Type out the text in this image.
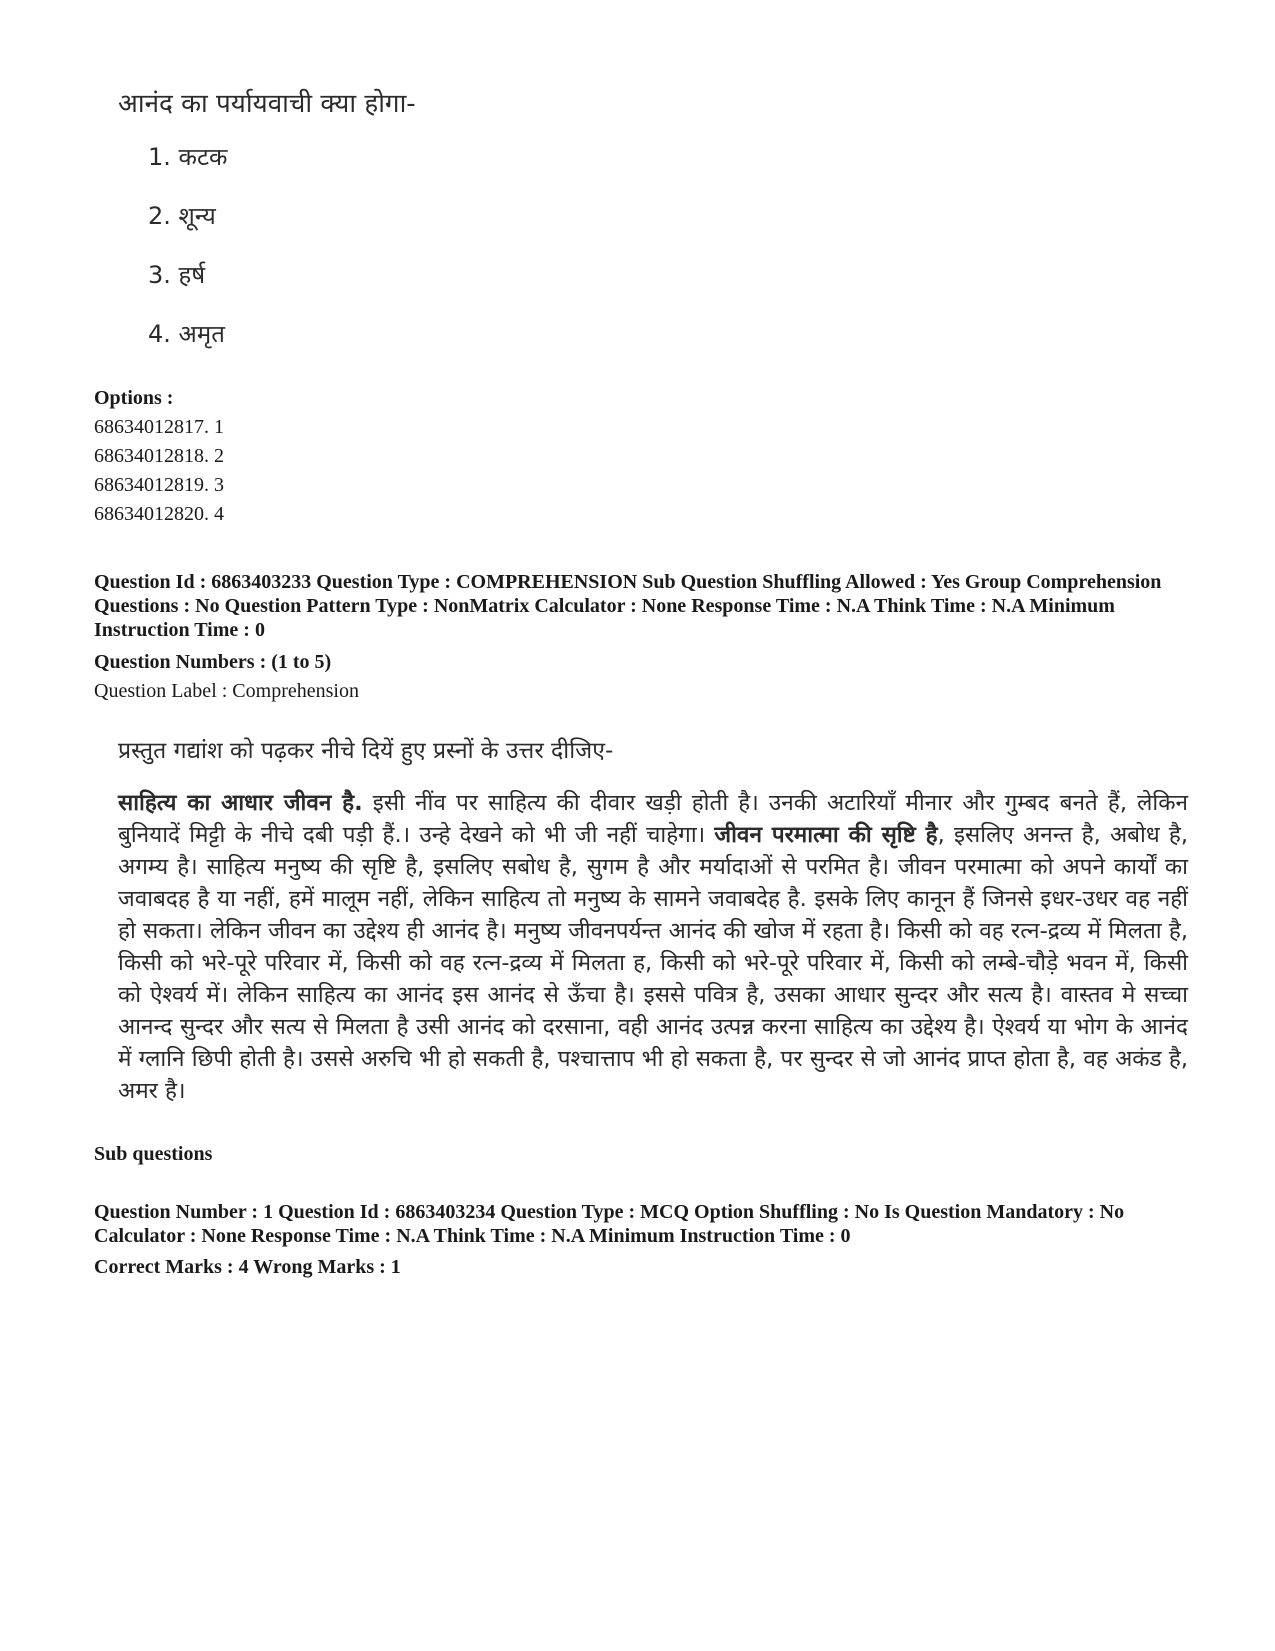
आनंद का पर्यायवाची क्या होगा-
1. कटक
2. शून्य
3. हर्ष
4. अमृत
Options :
68634012817. 1
68634012818. 2
68634012819. 3
68634012820. 4
Question Id : 6863403233 Question Type : COMPREHENSION Sub Question Shuffling Allowed : Yes Group Comprehension Questions : No Question Pattern Type : NonMatrix Calculator : None Response Time : N.A Think Time : N.A Minimum Instruction Time : 0
Question Numbers : (1 to 5)
Question Label : Comprehension
प्रस्तुत गद्यांश को पढ़कर नीचे दियें हुए प्रस्नों के उत्तर दीजिए-
साहित्य का आधार जीवन है. इसी नींव पर साहित्य की दीवार खड़ी होती है। उनकी अटारियाँ मीनार और गुम्बद बनते हैं, लेकिन बुनियादें मिट्टी के नीचे दबी पड़ी हैं.। उन्हे देखने को भी जी नहीं चाहेगा। जीवन परमात्मा की सृष्टि है, इसलिए अनन्त है, अबोध है, अगम्य है। साहित्य मनुष्य की सृष्टि है, इसलिए सबोध है, सुगम है और मर्यादाओं से परमित है। जीवन परमात्मा को अपने कार्यों का जवाबदह है या नहीं, हमें मालूम नहीं, लेकिन साहित्य तो मनुष्य के सामने जवाबदेह है. इसके लिए कानून हैं जिनसे इधर-उधर वह नहीं हो सकता। लेकिन जीवन का उद्देश्य ही आनंद है। मनुष्य जीवनपर्यन्त आनंद की खोज में रहता है। किसी को वह रत्न-द्रव्य में मिलता है, किसी को भरे-पूरे परिवार में, किसी को वह रत्न-द्रव्य में मिलता ह, किसी को भरे-पूरे परिवार में, किसी को लम्बे-चौड़े भवन में, किसी को ऐश्वर्य में। लेकिन साहित्य का आनंद इस आनंद से ऊँचा है। इससे पवित्र है, उसका आधार सुन्दर और सत्य है। वास्तव मे सच्चा आनन्द सुन्दर और सत्य से मिलता है उसी आनंद को दरसाना, वही आनंद उत्पन्न करना साहित्य का उद्देश्य है। ऐश्वर्य या भोग के आनंद में ग्लानि छिपी होती है। उससे अरुचि भी हो सकती है, पश्चात्ताप भी हो सकता है, पर सुन्दर से जो आनंद प्राप्त होता है, वह अकंड है, अमर है।
Sub questions
Question Number : 1 Question Id : 6863403234 Question Type : MCQ Option Shuffling : No Is Question Mandatory : No Calculator : None Response Time : N.A Think Time : N.A Minimum Instruction Time : 0
Correct Marks : 4 Wrong Marks : 1
